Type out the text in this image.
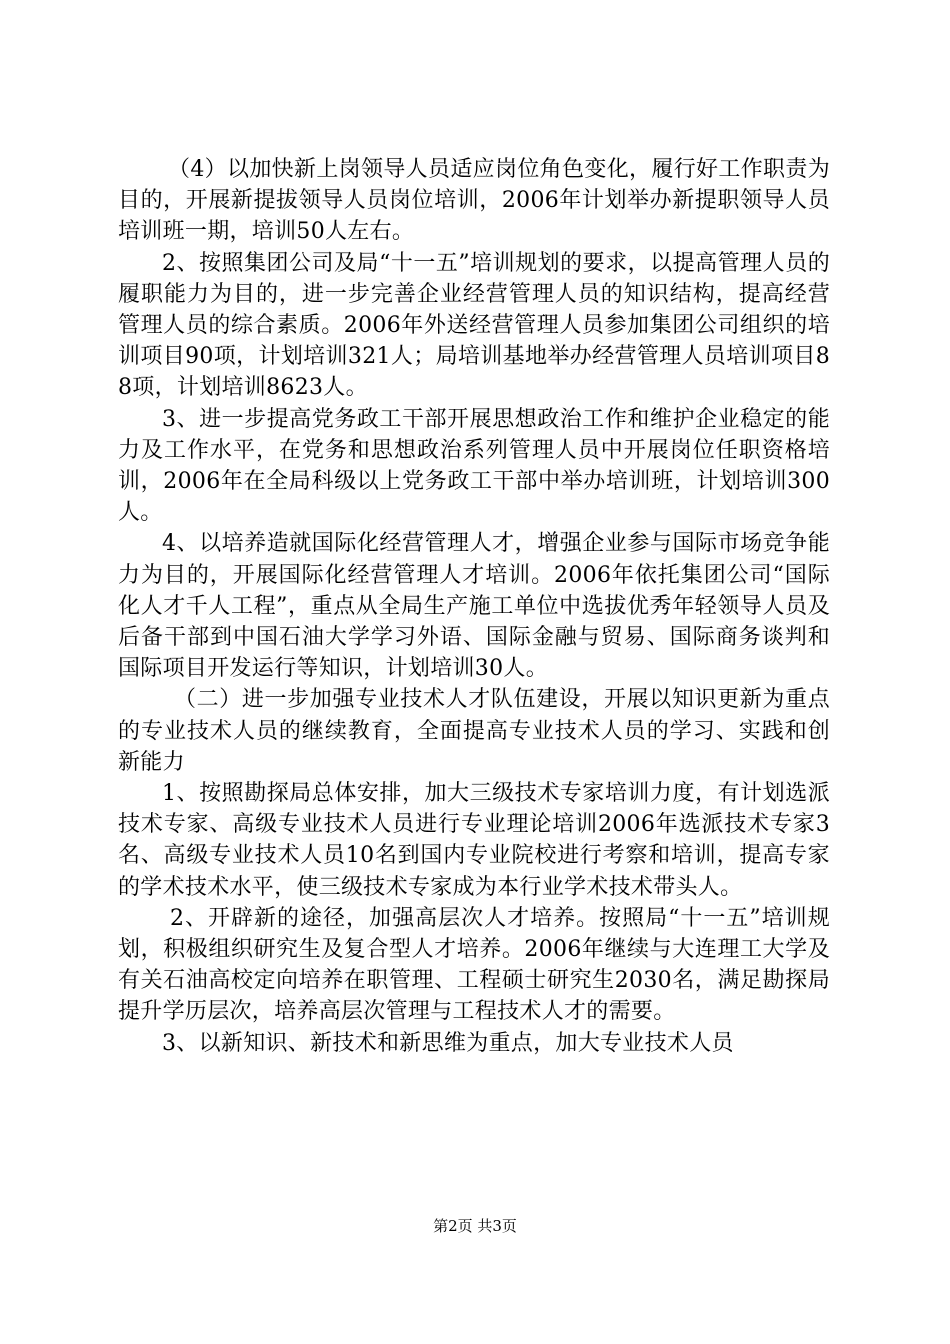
（4）以加快新上岗领导人员适应岗位角色变化，履行好工作职责为目的，开展新提拔领导人员岗位培训，2006年计划举办新提职领导人员培训班一期，培训50人左右。

2、按照集团公司及局“十一五”培训规划的要求，以提高管理人员的履职能力为目的，进一步完善企业经营管理人员的知识结构，提高经营管理人员的综合素质。2006年外送经营管理人员参加集团公司组织的培训项目90项，计划培训321人；局培训基地举办经营管理人员培训项目88项，计划培训8623人。

3、进一步提高党务政工干部开展思想政治工作和维护企业稳定的能力及工作水平，在党务和思想政治系列管理人员中开展岗位任职资格培训，2006年在全局科级以上党务政工干部中举办培训班，计划培训300人。

4、以培养造就国际化经营管理人才，增强企业参与国际市场竞争能力为目的，开展国际化经营管理人才培训。2006年依托集团公司“国际化人才千人工程”，重点从全局生产施工单位中选拔优秀年轻领导人员及后备干部到中国石油大学学习外语、国际金融与贸易、国际商务谈判和国际项目开发运行等知识，计划培训30人。

（二）进一步加强专业技术人才队伍建设，开展以知识更新为重点的专业技术人员的继续教育，全面提高专业技术人员的学习、实践和创新能力

1、按照勘探局总体安排，加大三级技术专家培训力度，有计划选派技术专家、高级专业技术人员进行专业理论培训2006年选派技术专家3名、高级专业技术人员10名到国内专业院校进行考察和培训，提高专家的学术技术水平，使三级技术专家成为本行业学术技术带头人。

2、开辟新的途径，加强高层次人才培养。按照局“十一五”培训规划，积极组织研究生及复合型人才培养。2006年继续与大连理工大学及有关石油高校定向培养在职管理、工程硕士研究生2030名，满足勘探局提升学历层次，培养高层次管理与工程技术人才的需要。

3、以新知识、新技术和新思维为重点，加大专业技术人员

第2页 共3页
